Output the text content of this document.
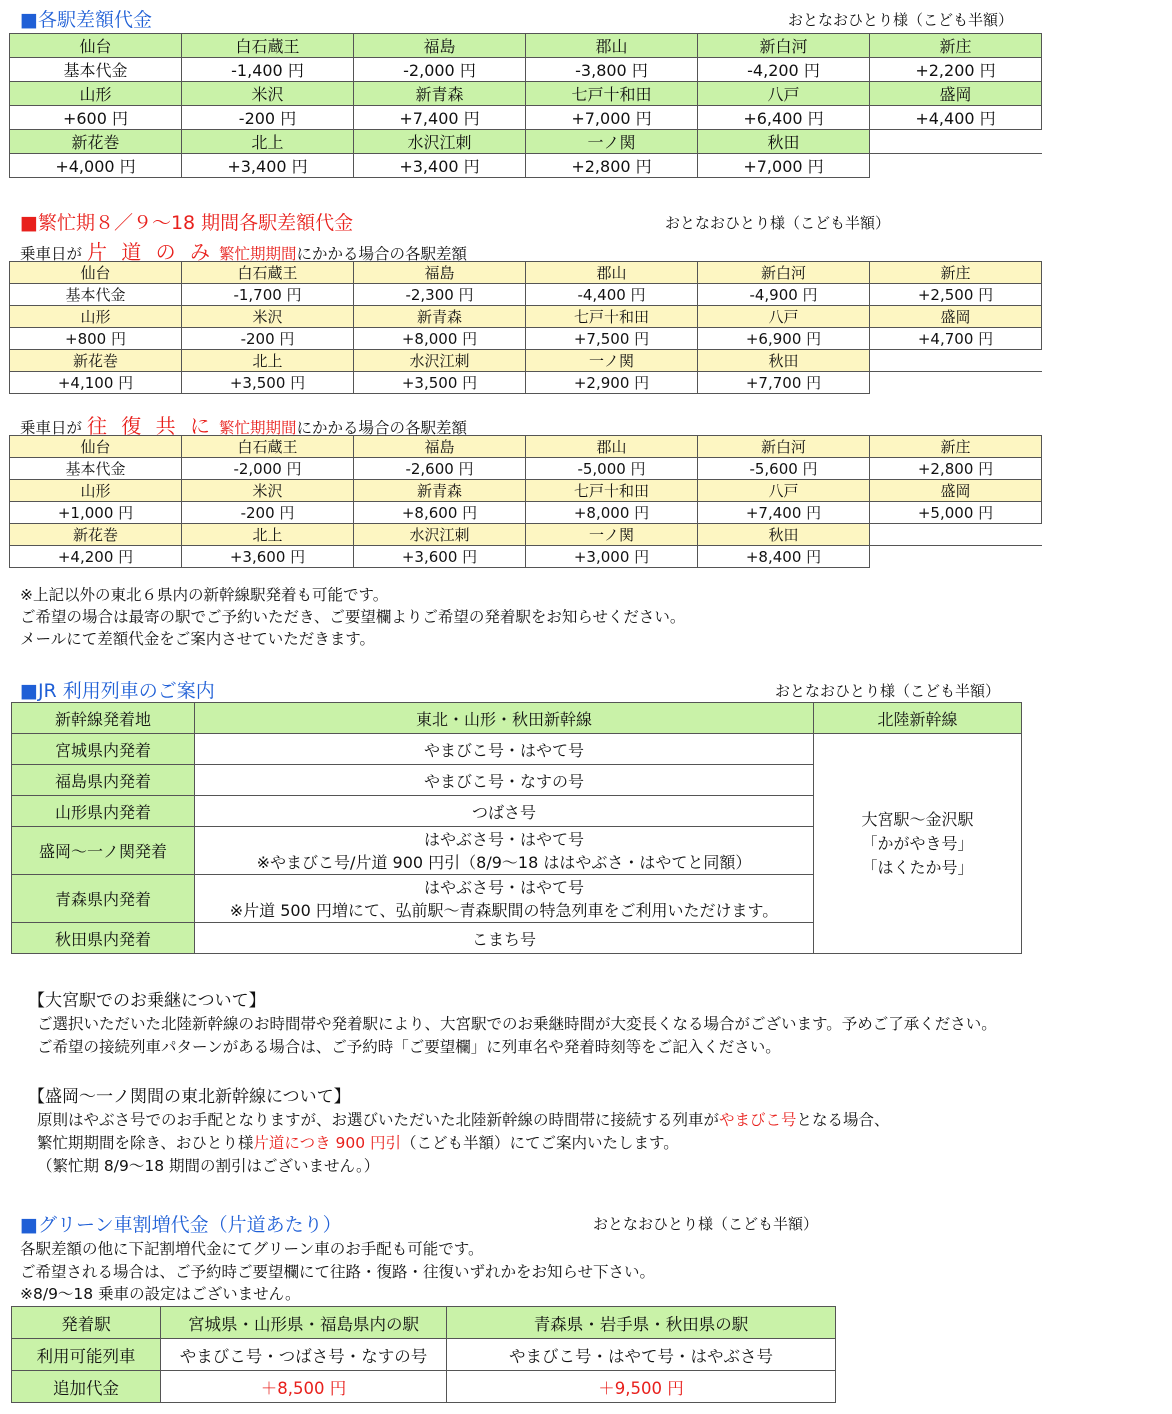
■各駅差額代金	おとなおひとり様（こども半額）
仙台	白石蔵王	福島	郡山	新白河	新庄
基本代金	-1,400 円	-2,000 円	-3,800 円	-4,200 円	+2,200 円
山形	米沢	新青森	七戸十和田	八戸	盛岡
+600 円	-200 円	+7,400 円	+7,000 円	+6,400 円	+4,400 円
新花巻	北上	水沢江刺	一ノ関	秋田	
+4,000 円	+3,400 円	+3,400 円	+2,800 円	+7,000 円	
■繁忙期８／９～18 期間各駅差額代金	おとなおひとり様（こども半額）
乗車日が 片 道 の み 繁忙期期間にかかる場合の各駅差額
仙台	白石蔵王	福島	郡山	新白河	新庄
基本代金	-1,700 円	-2,300 円	-4,400 円	-4,900 円	+2,500 円
山形	米沢	新青森	七戸十和田	八戸	盛岡
+800 円	-200 円	+8,000 円	+7,500 円	+6,900 円	+4,700 円
新花巻	北上	水沢江刺	一ノ関	秋田	
+4,100 円	+3,500 円	+3,500 円	+2,900 円	+7,700 円	
乗車日が 往 復 共 に 繁忙期期間にかかる場合の各駅差額
仙台	白石蔵王	福島	郡山	新白河	新庄
基本代金	-2,000 円	-2,600 円	-5,000 円	-5,600 円	+2,800 円
山形	米沢	新青森	七戸十和田	八戸	盛岡
+1,000 円	-200 円	+8,600 円	+8,000 円	+7,400 円	+5,000 円
新花巻	北上	水沢江刺	一ノ関	秋田	
+4,200 円	+3,600 円	+3,600 円	+3,000 円	+8,400 円	
※上記以外の東北６県内の新幹線駅発着も可能です。
ご希望の場合は最寄の駅でご予約いただき、ご要望欄よりご希望の発着駅をお知らせください。
メールにて差額代金をご案内させていただきます。
■JR 利用列車のご案内	おとなおひとり様（こども半額）
新幹線発着地	東北・山形・秋田新幹線	北陸新幹線
宮城県内発着	やまびこ号・はやて号	大宮駅～金沢駅
「かがやき号」
「はくたか号」

福島県内発着	やまびこ号・なすの号	
山形県内発着	つばさ号	
盛岡～一ノ関発着	はやぶさ号・はやて号
※やまびこ号/片道 900 円引（8/9～18 ははやぶさ・はやてと同額）	

青森県内発着	はやぶさ号・はやて号
※片道 500 円増にて、弘前駅～青森駅間の特急列車をご利用いただけます。	

秋田県内発着	こまち号	
【大宮駅でのお乗継について】
ご選択いただいた北陸新幹線のお時間帯や発着駅により、大宮駅でのお乗継時間が大変長くなる場合がございます。予めご了承ください。
ご希望の接続列車パターンがある場合は、ご予約時「ご要望欄」に列車名や発着時刻等をご記入ください。
【盛岡～一ノ関間の東北新幹線について】
原則はやぶさ号でのお手配となりますが、お選びいただいた北陸新幹線の時間帯に接続する列車がやまびこ号となる場合、
繁忙期期間を除き、おひとり様片道につき 900 円引（こども半額）にてご案内いたします。
（繁忙期 8/9～18 期間の割引はございません。）
■グリーン車割増代金（片道あたり）	おとなおひとり様（こども半額）
各駅差額の他に下記割増代金にてグリーン車のお手配も可能です。
ご希望される場合は、ご予約時ご要望欄にて往路・復路・往復いずれかをお知らせ下さい。
※8/9～18 乗車の設定はございません。
発着駅	宮城県・山形県・福島県内の駅	青森県・岩手県・秋田県の駅
利用可能列車	やまびこ号・つばさ号・なすの号	やまびこ号・はやて号・はやぶさ号
追加代金	＋8,500 円	＋9,500 円
